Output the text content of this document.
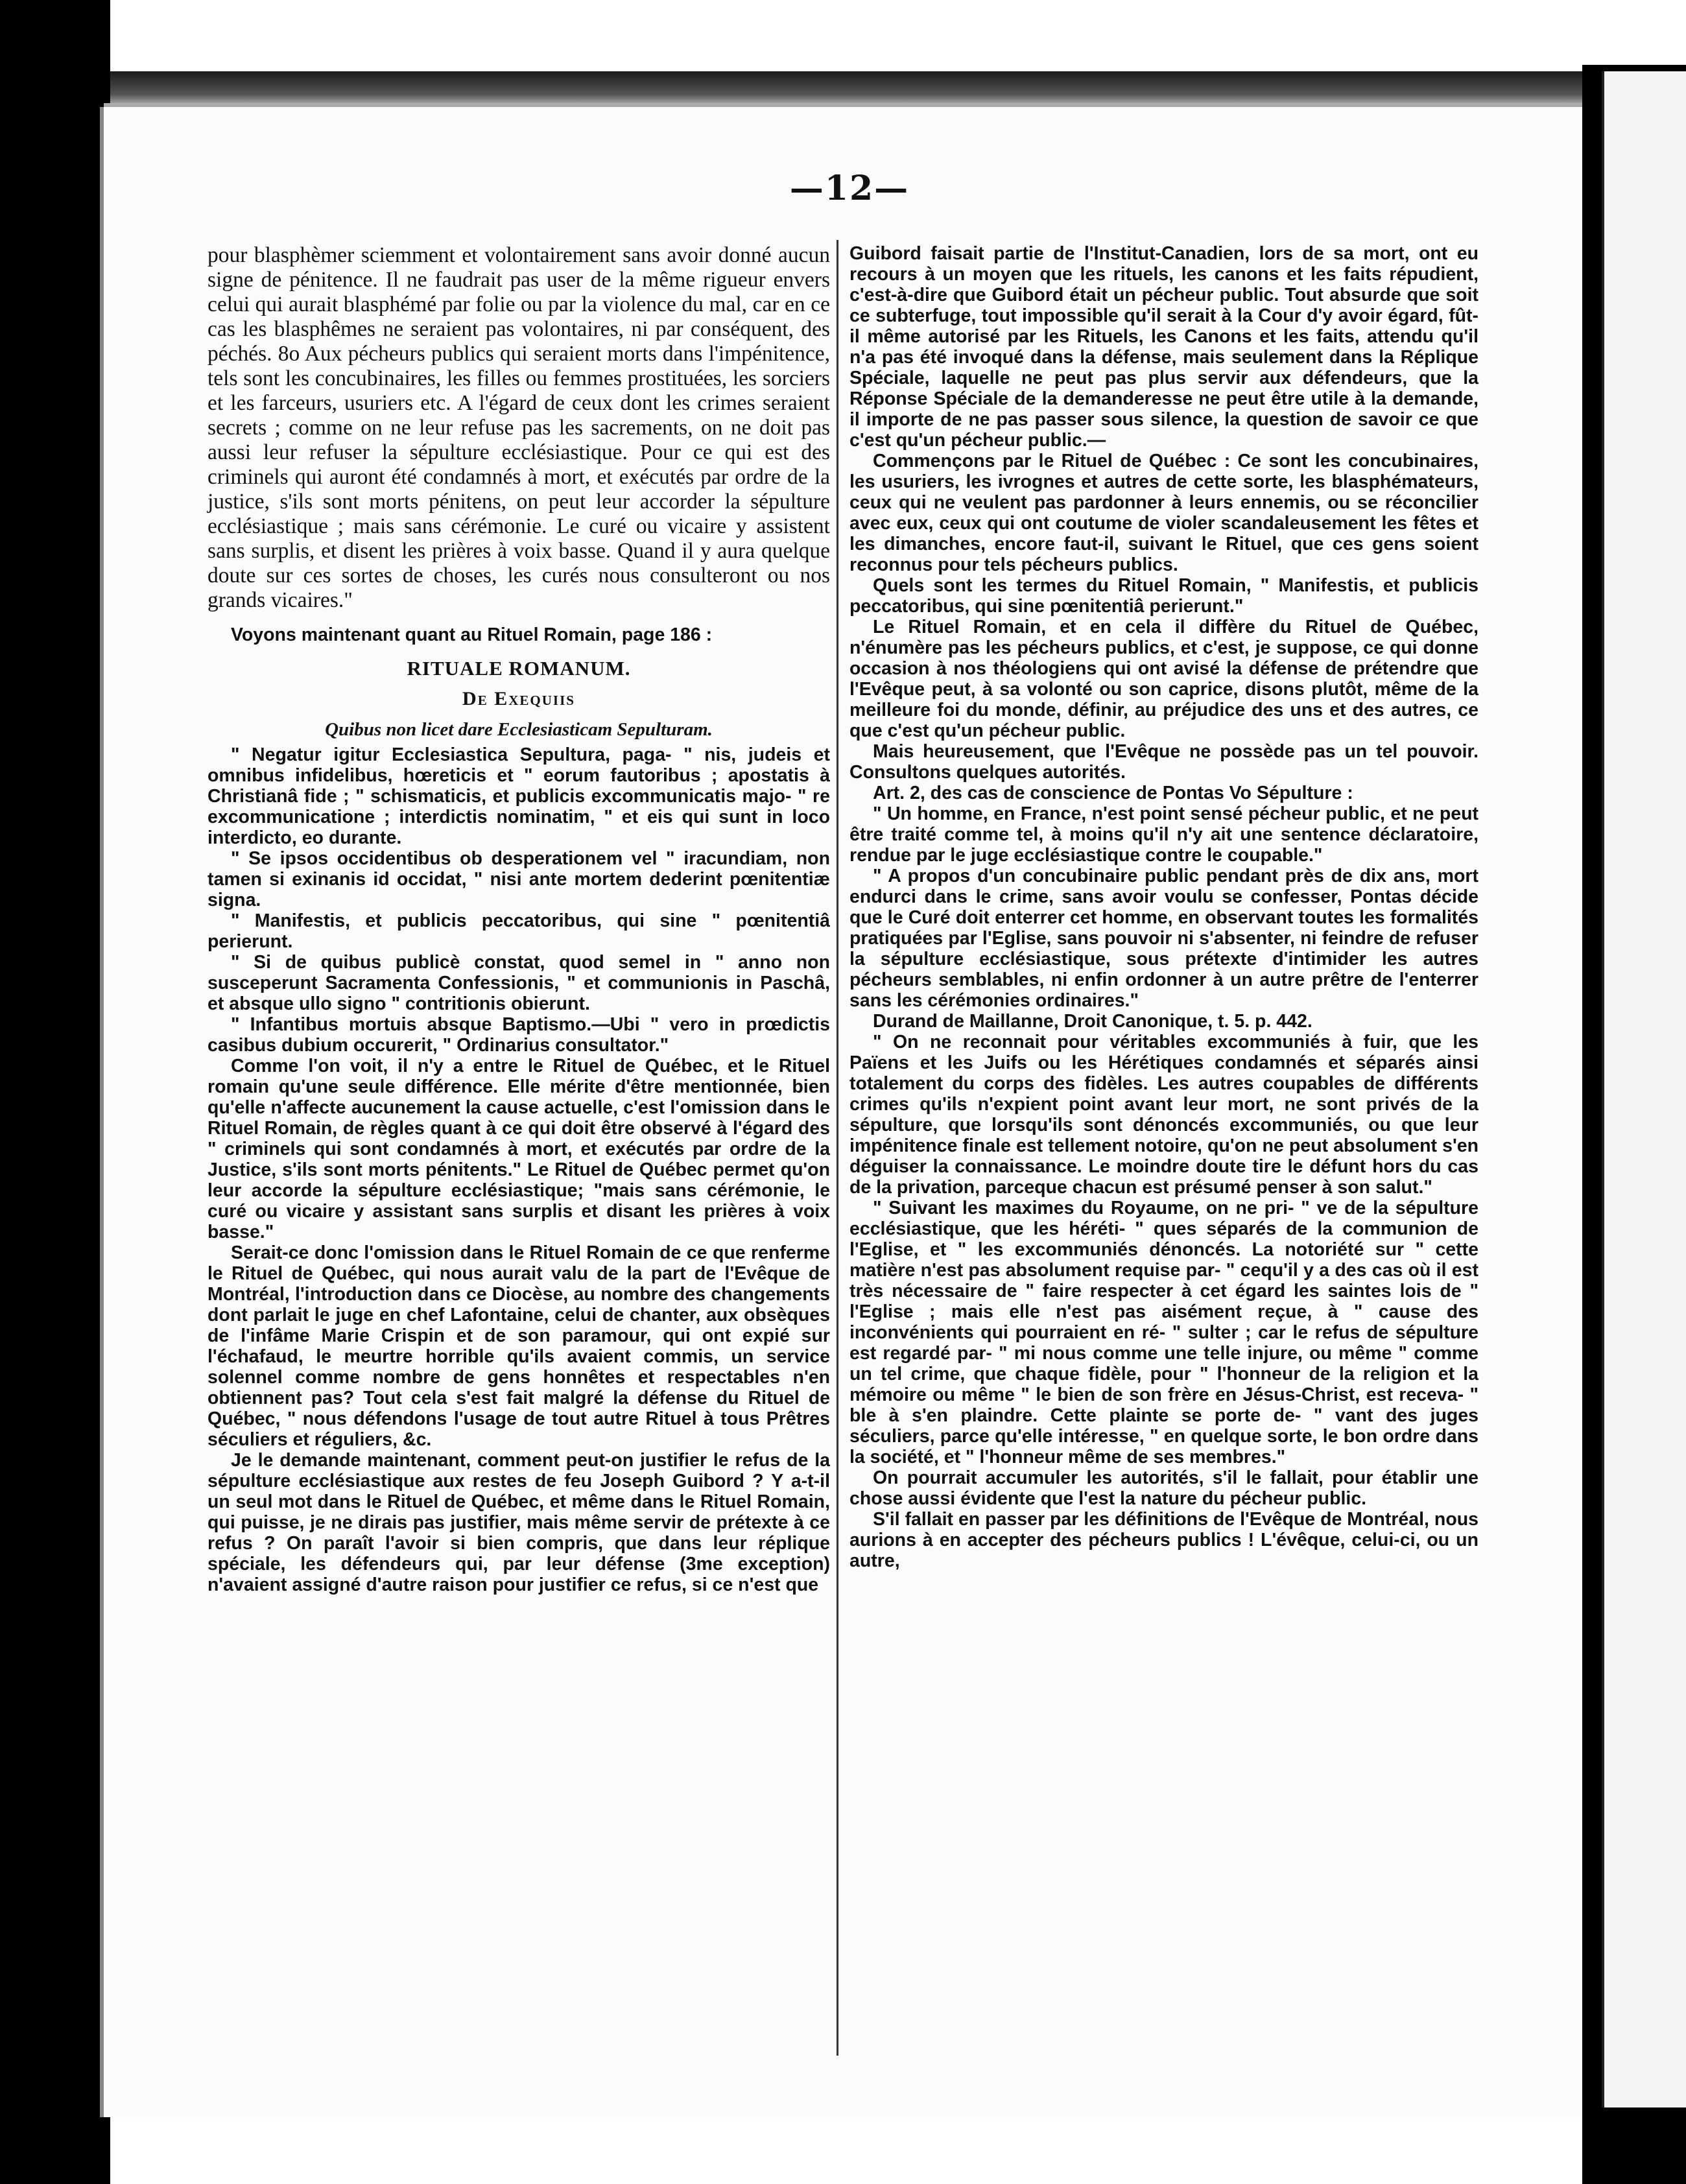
—12—

pour blasphèmer sciemment et volontairement sans avoir donné aucun signe de pénitence. Il ne faudrait pas user de la même rigueur envers celui qui aurait blasphémé par folie ou par la violence du mal, car en ce cas les blasphêmes ne seraient pas volontaires, ni par conséquent, des péchés. 8o Aux pécheurs publics qui seraient morts dans l'impénitence, tels sont les concubinaires, les filles ou femmes prostituées, les sorciers et les farceurs, usuriers etc. A l'égard de ceux dont les crimes seraient secrets ; comme on ne leur refuse pas les sacrements, on ne doit pas aussi leur refuser la sépulture ecclésiastique. Pour ce qui est des criminels qui auront été condamnés à mort, et exécutés par ordre de la justice, s'ils sont morts pénitens, on peut leur accorder la sépulture ecclésiastique ; mais sans cérémonie. Le curé ou vicaire y assistent sans surplis, et disent les prières à voix basse. Quand il y aura quelque doute sur ces sortes de choses, les curés nous consulteront ou nos grands vicaires."

Voyons maintenant quant au Rituel Romain, page 186 :

RITUALE ROMANUM.

De Exequiis

Quibus non licet dare Ecclesiasticam Sepulturam.

" Negatur igitur Ecclesiastica Sepultura, paga- " nis, judeis et omnibus infidelibus, hœreticis et " eorum fautoribus ; apostatis à Christianâ fide ; " schismaticis, et publicis excommunicatis majo- " re excommunicatione ; interdictis nominatim, " et eis qui sunt in loco interdicto, eo durante.

" Se ipsos occidentibus ob desperationem vel " iracundiam, non tamen si exinanis id occidat, " nisi ante mortem dederint pœnitentiæ signa.

" Manifestis, et publicis peccatoribus, qui sine " pœnitentiâ perierunt.

" Si de quibus publicè constat, quod semel in " anno non susceperunt Sacramenta Confessionis, " et communionis in Paschâ, et absque ullo signo " contritionis obierunt.

" Infantibus mortuis absque Baptismo.—Ubi " vero in prœdictis casibus dubium occurerit, " Ordinarius consultator."

Comme l'on voit, il n'y a entre le Rituel de Québec, et le Rituel romain qu'une seule différence. Elle mérite d'être mentionnée, bien qu'elle n'affecte aucunement la cause actuelle, c'est l'omission dans le Rituel Romain, de règles quant à ce qui doit être observé à l'égard des " criminels qui sont condamnés à mort, et exécutés par ordre de la Justice, s'ils sont morts pénitents." Le Rituel de Québec permet qu'on leur accorde la sépulture ecclésiastique; "mais sans cérémonie, le curé ou vicaire y assistant sans surplis et disant les prières à voix basse."

Serait-ce donc l'omission dans le Rituel Romain de ce que renferme le Rituel de Québec, qui nous aurait valu de la part de l'Evêque de Montréal, l'introduction dans ce Diocèse, au nombre des changements dont parlait le juge en chef Lafontaine, celui de chanter, aux obsèques de l'infâme Marie Crispin et de son paramour, qui ont expié sur l'échafaud, le meurtre horrible qu'ils avaient commis, un service solennel comme nombre de gens honnêtes et respectables n'en obtiennent pas? Tout cela s'est fait malgré la défense du Rituel de Québec, " nous défendons l'usage de tout autre Rituel à tous Prêtres séculiers et réguliers, &c.

Je le demande maintenant, comment peut-on justifier le refus de la sépulture ecclésiastique aux restes de feu Joseph Guibord ? Y a-t-il un seul mot dans le Rituel de Québec, et même dans le Rituel Romain, qui puisse, je ne dirais pas justifier, mais même servir de prétexte à ce refus ? On paraît l'avoir si bien compris, que dans leur réplique spéciale, les défendeurs qui, par leur défense (3me exception) n'avaient assigné d'autre raison pour justifier ce refus, si ce n'est que

Guibord faisait partie de l'Institut-Canadien, lors de sa mort, ont eu recours à un moyen que les rituels, les canons et les faits répudient, c'est-à-dire que Guibord était un pécheur public. Tout absurde que soit ce subterfuge, tout impossible qu'il serait à la Cour d'y avoir égard, fût-il même autorisé par les Rituels, les Canons et les faits, attendu qu'il n'a pas été invoqué dans la défense, mais seulement dans la Réplique Spéciale, laquelle ne peut pas plus servir aux défendeurs, que la Réponse Spéciale de la demanderesse ne peut être utile à la demande, il importe de ne pas passer sous silence, la question de savoir ce que c'est qu'un pécheur public.—

Commençons par le Rituel de Québec : Ce sont les concubinaires, les usuriers, les ivrognes et autres de cette sorte, les blasphémateurs, ceux qui ne veulent pas pardonner à leurs ennemis, ou se réconcilier avec eux, ceux qui ont coutume de violer scandaleusement les fêtes et les dimanches, encore faut-il, suivant le Rituel, que ces gens soient reconnus pour tels pécheurs publics.

Quels sont les termes du Rituel Romain, " Manifestis, et publicis peccatoribus, qui sine pœnitentiâ perierunt."

Le Rituel Romain, et en cela il diffère du Rituel de Québec, n'énumère pas les pécheurs publics, et c'est, je suppose, ce qui donne occasion à nos théologiens qui ont avisé la défense de prétendre que l'Evêque peut, à sa volonté ou son caprice, disons plutôt, même de la meilleure foi du monde, définir, au préjudice des uns et des autres, ce que c'est qu'un pécheur public.

Mais heureusement, que l'Evêque ne possède pas un tel pouvoir. Consultons quelques autorités.

Art. 2, des cas de conscience de Pontas Vo Sépulture :

" Un homme, en France, n'est point sensé pécheur public, et ne peut être traité comme tel, à moins qu'il n'y ait une sentence déclaratoire, rendue par le juge ecclésiastique contre le coupable."

" A propos d'un concubinaire public pendant près de dix ans, mort endurci dans le crime, sans avoir voulu se confesser, Pontas décide que le Curé doit enterrer cet homme, en observant toutes les formalités pratiquées par l'Eglise, sans pouvoir ni s'absenter, ni feindre de refuser la sépulture ecclésiastique, sous prétexte d'intimider les autres pécheurs semblables, ni enfin ordonner à un autre prêtre de l'enterrer sans les cérémonies ordinaires."

Durand de Maillanne, Droit Canonique, t. 5. p. 442.

" On ne reconnait pour véritables excommuniés à fuir, que les Païens et les Juifs ou les Hérétiques condamnés et séparés ainsi totalement du corps des fidèles. Les autres coupables de différents crimes qu'ils n'expient point avant leur mort, ne sont privés de la sépulture, que lorsqu'ils sont dénoncés excommuniés, ou que leur impénitence finale est tellement notoire, qu'on ne peut absolument s'en déguiser la connaissance. Le moindre doute tire le défunt hors du cas de la privation, parceque chacun est présumé penser à son salut."

" Suivant les maximes du Royaume, on ne pri- " ve de la sépulture ecclésiastique, que les héréti- " ques séparés de la communion de l'Eglise, et " les excommuniés dénoncés. La notoriété sur " cette matière n'est pas absolument requise par- " cequ'il y a des cas où il est très nécessaire de " faire respecter à cet égard les saintes lois de " l'Eglise ; mais elle n'est pas aisément reçue, à " cause des inconvénients qui pourraient en ré- " sulter ; car le refus de sépulture est regardé par- " mi nous comme une telle injure, ou même " comme un tel crime, que chaque fidèle, pour " l'honneur de la religion et la mémoire ou même " le bien de son frère en Jésus-Christ, est receva- " ble à s'en plaindre. Cette plainte se porte de- " vant des juges séculiers, parce qu'elle intéresse, " en quelque sorte, le bon ordre dans la société, et " l'honneur même de ses membres."

On pourrait accumuler les autorités, s'il le fallait, pour établir une chose aussi évidente que l'est la nature du pécheur public.

S'il fallait en passer par les définitions de l'Evêque de Montréal, nous aurions à en accepter des pécheurs publics ! L'évêque, celui-ci, ou un autre,
